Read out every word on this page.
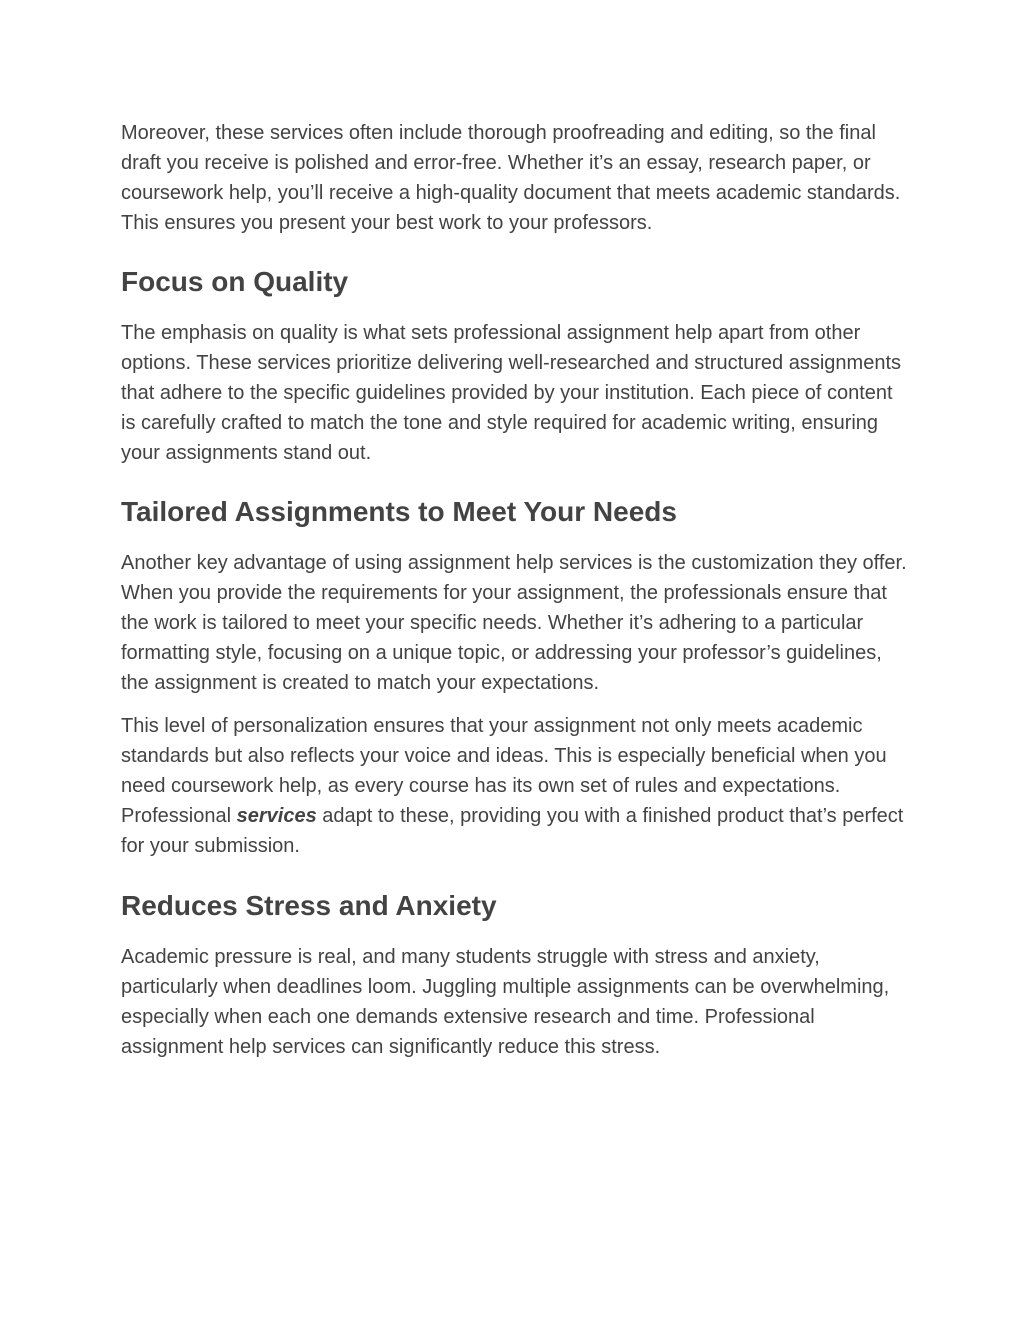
Moreover, these services often include thorough proofreading and editing, so the final draft you receive is polished and error-free. Whether it’s an essay, research paper, or coursework help, you’ll receive a high-quality document that meets academic standards. This ensures you present your best work to your professors.

Focus on Quality

The emphasis on quality is what sets professional assignment help apart from other options. These services prioritize delivering well-researched and structured assignments that adhere to the specific guidelines provided by your institution. Each piece of content is carefully crafted to match the tone and style required for academic writing, ensuring your assignments stand out.

Tailored Assignments to Meet Your Needs

Another key advantage of using assignment help services is the customization they offer. When you provide the requirements for your assignment, the professionals ensure that the work is tailored to meet your specific needs. Whether it’s adhering to a particular formatting style, focusing on a unique topic, or addressing your professor’s guidelines, the assignment is created to match your expectations.

This level of personalization ensures that your assignment not only meets academic standards but also reflects your voice and ideas. This is especially beneficial when you need coursework help, as every course has its own set of rules and expectations. Professional services adapt to these, providing you with a finished product that’s perfect for your submission.

Reduces Stress and Anxiety

Academic pressure is real, and many students struggle with stress and anxiety, particularly when deadlines loom. Juggling multiple assignments can be overwhelming, especially when each one demands extensive research and time. Professional assignment help services can significantly reduce this stress.
